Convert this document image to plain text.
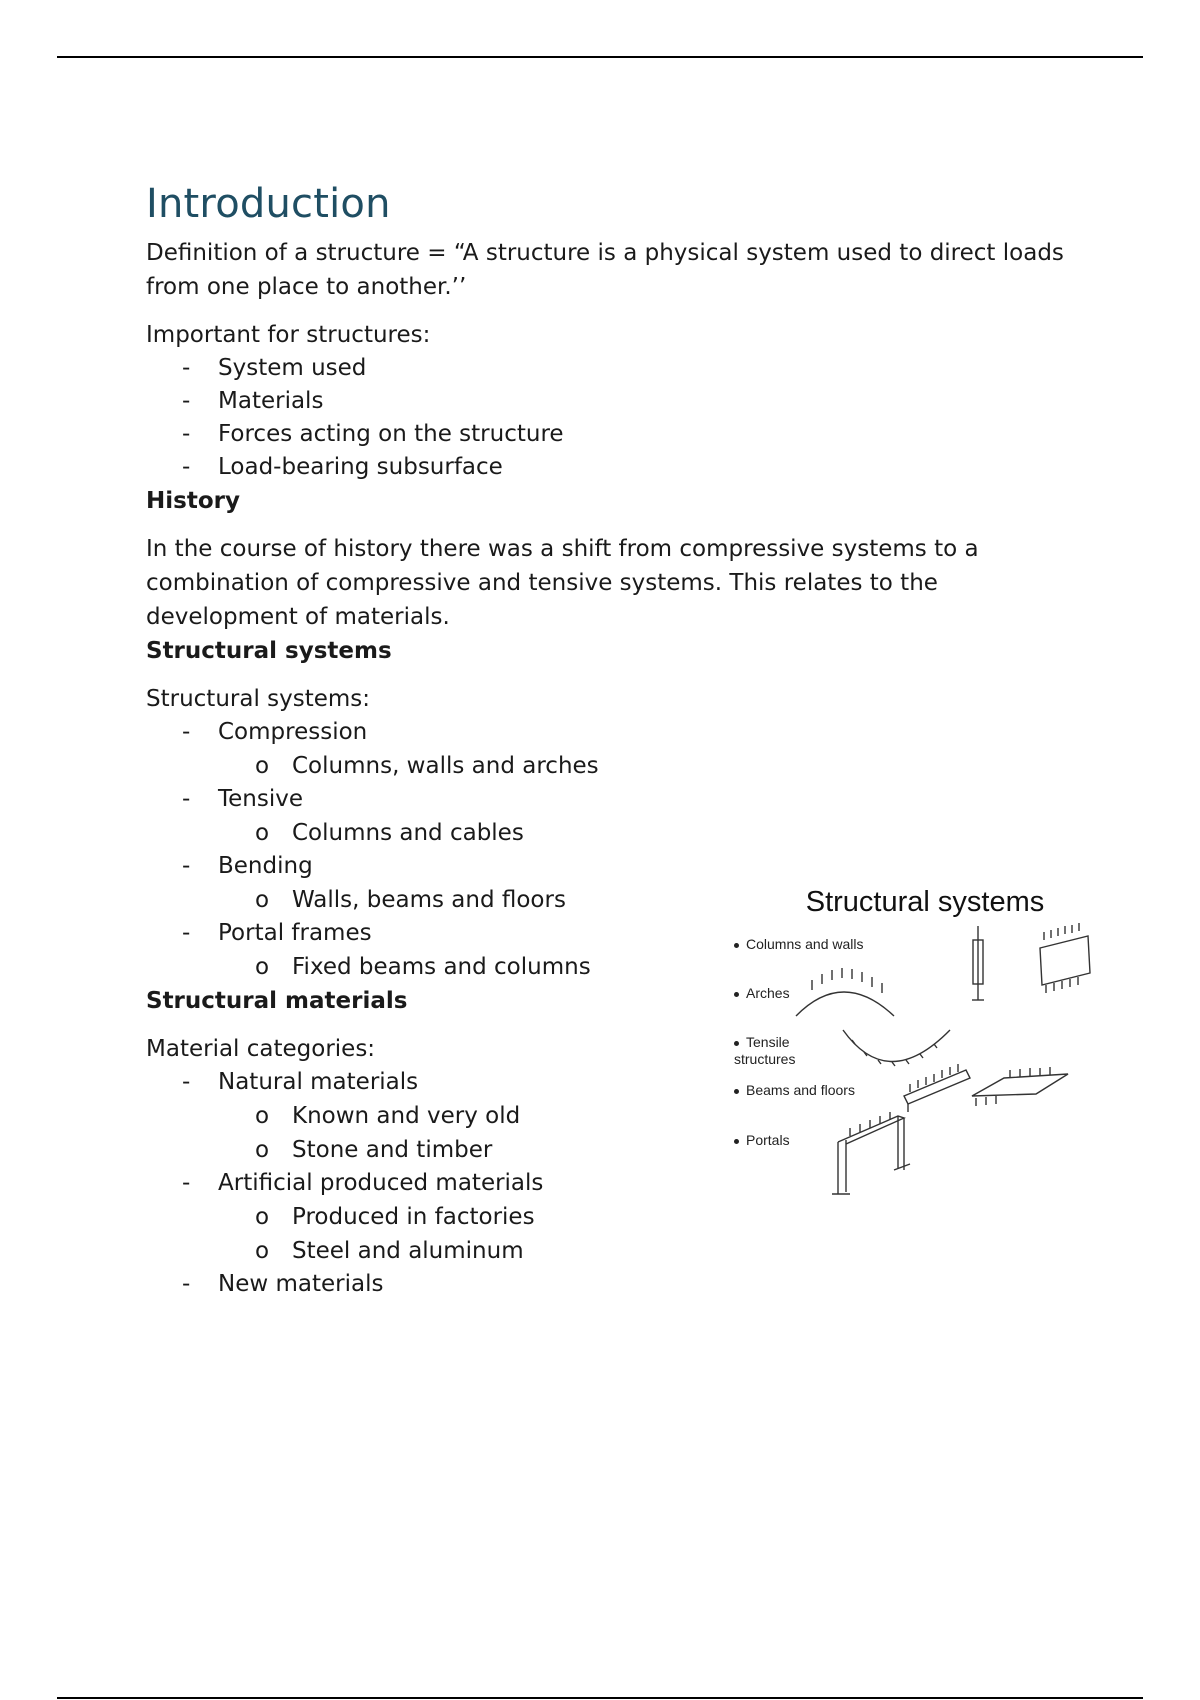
Introduction

Definition of a structure = “A structure is a physical system used to direct loads from one place to another.’’

Important for structures:

-	System used
-	Materials
-	Forces acting on the structure
-	Load-bearing subsurface
History

In the course of history there was a shift from compressive systems to a combination of compressive and tensive systems. This relates to the development of materials.

Structural systems

Structural systems:

-	Compression
o Columns, walls and arches
-	Tensive
o Columns and cables
-	Bending
o Walls, beams and floors
-	Portal frames
o Fixed beams and columns
Structural materials

Material categories:

-	Natural materials
o Known and very old
o Stone and timber
-	Artificial produced materials
o Produced in factories
o Steel and aluminum
-	New materials
Structural systems
Columns and walls
Arches
Tensile structures
Beams and floors
Portals
